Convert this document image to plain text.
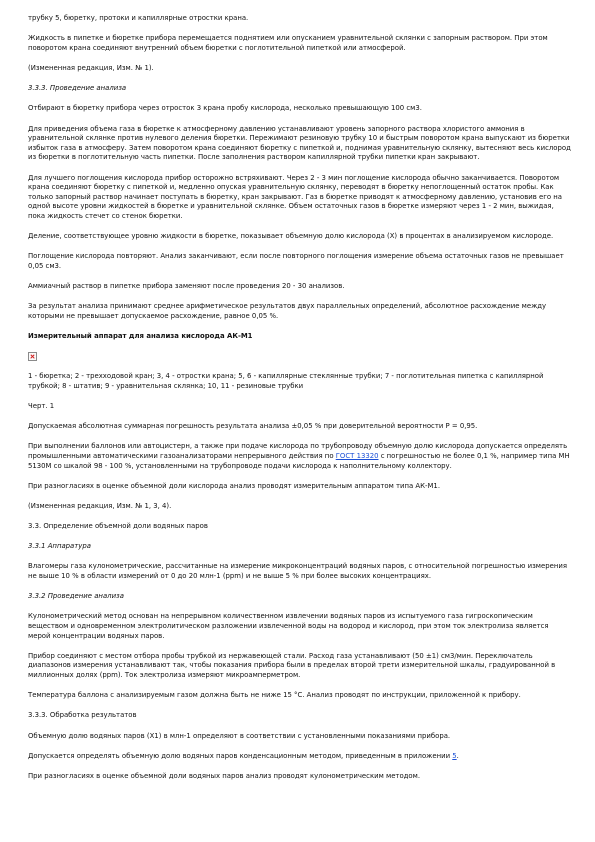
трубку 5, бюретку, протоки и капиллярные отростки крана.

Жидкость в пипетке и бюретке прибора перемещается поднятием или опусканием уравнительной склянки с запорным раствором. При этом поворотом крана соединяют внутренний объем бюретки с поглотительной пипеткой или атмосферой.

(Измененная редакция, Изм. № 1).

3.3.3. Проведение анализа

Отбирают в бюретку прибора через отросток 3 крана пробу кислорода, несколько превышающую 100 см3.

Для приведения объема газа в бюретке к атмосферному давлению устанавливают уровень запорного раствора хлористого аммония в уравнительной склянке против нулевого деления бюретки. Пережимают резиновую трубку 10 и быстрым поворотом крана выпускают из бюретки избыток газа в атмосферу. Затем поворотом крана соединяют бюретку с пипеткой и, поднимая уравнительную склянку, вытесняют весь кислород из бюретки в поглотительную часть пипетки. После заполнения раствором капиллярной трубки пипетки кран закрывают.

Для лучшего поглощения кислорода прибор осторожно встряхивают. Через 2 - 3 мин поглощение кислорода обычно заканчивается. Поворотом крана соединяют бюретку с пипеткой и, медленно опуская уравнительную склянку, переводят в бюретку непоглощенный остаток пробы. Как только запорный раствор начинает поступать в бюретку, кран закрывают. Газ в бюретке приводят к атмосферному давлению, установив его на одной высоте уровни жидкостей в бюретке и уравнительной склянке. Объем остаточных газов в бюретке измеряют через 1 - 2 мин, выжидая, пока жидкость стечет со стенок бюретки.

Деление, соответствующее уровню жидкости в бюретке, показывает объемную долю кислорода (X) в процентах в анализируемом кислороде.

Поглощение кислорода повторяют. Анализ заканчивают, если после повторного поглощения измерение объема остаточных газов не превышает 0,05 см3.

Аммиачный раствор в пипетке прибора заменяют после проведения 20 - 30 анализов.

За результат анализа принимают среднее арифметическое результатов двух параллельных определений, абсолютное расхождение между которыми не превышает допускаемое расхождение, равное 0,05 %.

Измерительный аппарат для анализа кислорода АК-М1

1 - бюретка; 2 - трехходовой кран; 3, 4 - отростки крана; 5, 6 - капиллярные стеклянные трубки; 7 - поглотительная пипетка с капиллярной трубкой; 8 - штатив; 9 - уравнительная склянка; 10, 11 - резиновые трубки

Черт. 1

Допускаемая абсолютная суммарная погрешность результата анализа ±0,05 % при доверительной вероятности P = 0,95.

При выполнении баллонов или автоцистерн, а также при подаче кислорода по трубопроводу объемную долю кислорода допускается определять промышленными автоматическими газоанализаторами непрерывного действия по ГОСТ 13320 с погрешностью не более 0,1 %, например типа МН 5130М со шкалой 98 - 100 %, установленными на трубопроводе подачи кислорода к наполнительному коллектору.

При разногласиях в оценке объемной доли кислорода анализ проводят измерительным аппаратом типа АК-М1.

(Измененная редакция, Изм. № 1, 3, 4).

3.3. Определение объемной доли водяных паров

3.3.1 Аппаратура

Влагомеры газа кулонометрические, рассчитанные на измерение микроконцентраций водяных паров, с относительной погрешностью измерения не выше 10 % в области измерений от 0 до 20 млн-1 (ppm) и не выше 5 % при более высоких концентрациях.

3.3.2 Проведение анализа

Кулонометрический метод основан на непрерывном количественном извлечении водяных паров из испытуемого газа гигроскопическим веществом и одновременном электролитическом разложении извлеченной воды на водород и кислород, при этом ток электролиза является мерой концентрации водяных паров.

Прибор соединяют с местом отбора пробы трубкой из нержавеющей стали. Расход газа устанавливают (50 ±1) см3/мин. Переключатель диапазонов измерения устанавливают так, чтобы показания прибора были в пределах второй трети измерительной шкалы, градуированной в миллионных долях (ppm). Ток электролиза измеряют микроамперметром.

Температура баллона с анализируемым газом должна быть не ниже 15 °С. Анализ проводят по инструкции, приложенной к прибору.

3.3.3. Обработка результатов

Объемную долю водяных паров (Х1) в млн-1 определяют в соответствии с установленными показаниями прибора.

Допускается определять объемную долю водяных паров конденсационным методом, приведенным в приложении 5.

При разногласиях в оценке объемной доли водяных паров анализ проводят кулонометрическим методом.
